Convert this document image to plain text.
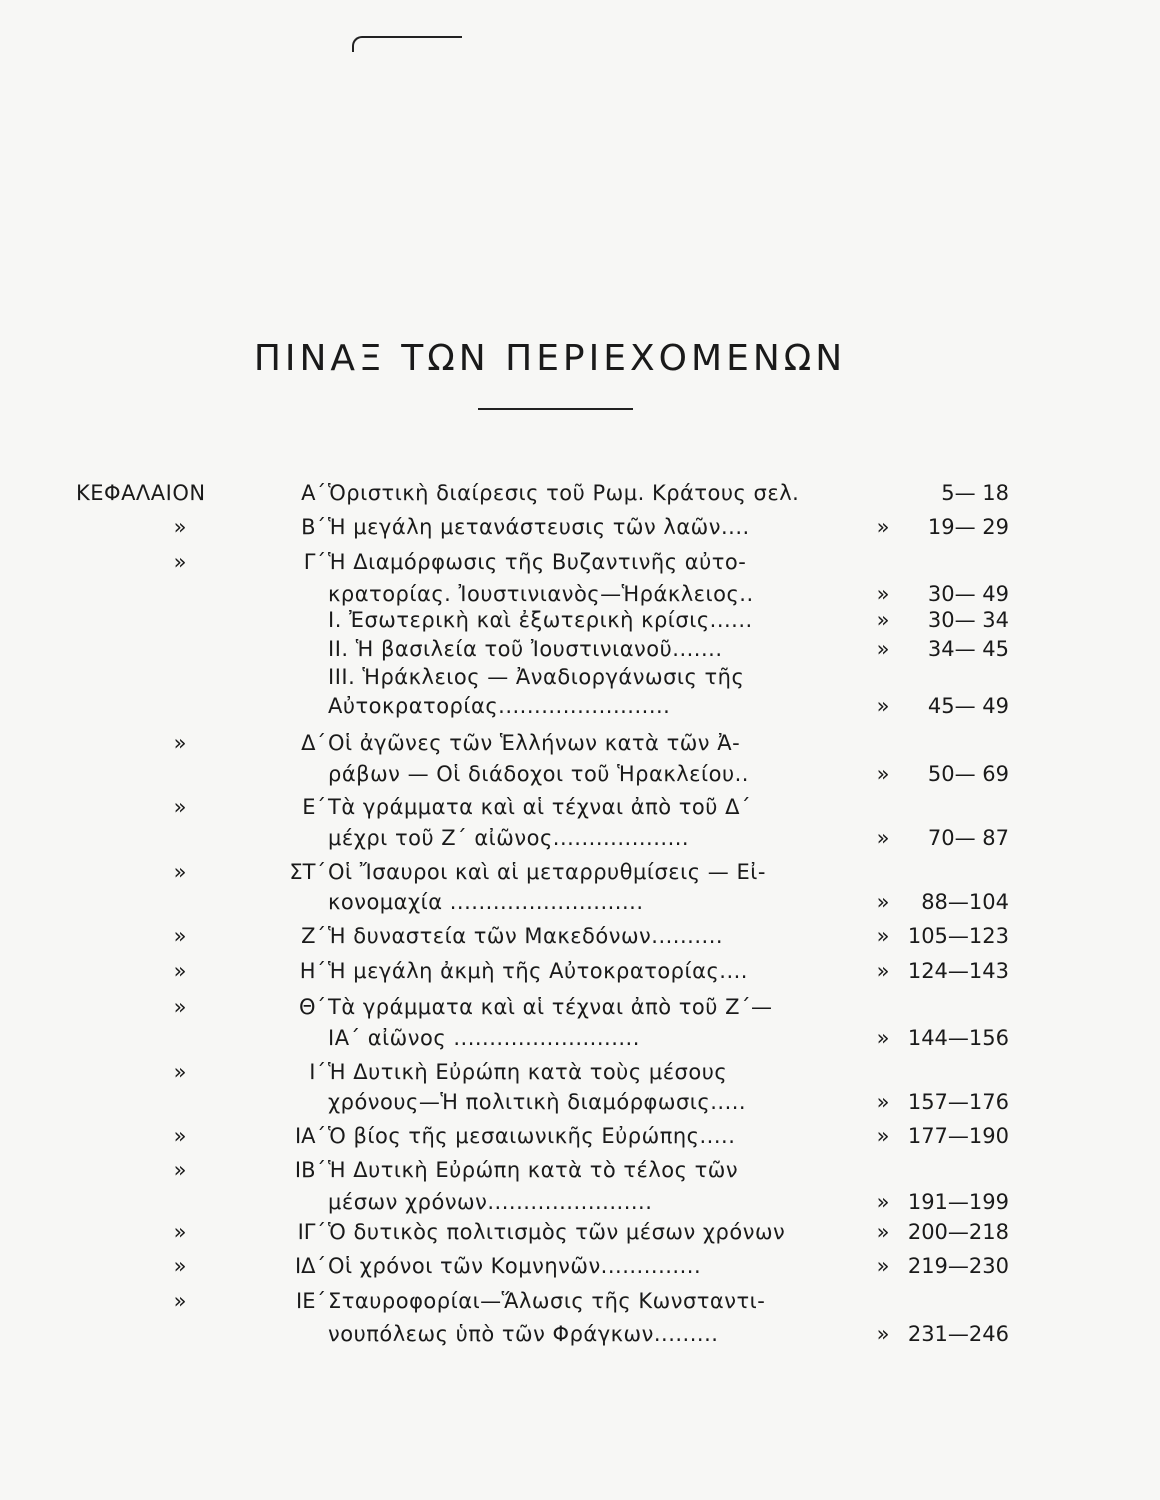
ΠΙΝΑΞ ΤΩΝ ΠΕΡΙΕΧΟΜΕΝΩΝ
ΚΕΦΑΛΑΙΟΝ	Α΄ Ὁριστικὴ διαίρεσις τοῦ Ρωμ. Κράτους σελ.	5— 18
»	Β΄ Ἡ μεγάλη μετανάστευσις τῶν λαῶν....	»	19— 29
»	Γ΄ Ἡ Διαμόρφωσις τῆς Βυζαντινῆς αὐτο-
κρατορίας. Ἰουστινιανὸς—Ἡράκλειος..	»	30— 49
I. Ἐσωτερικὴ καὶ ἐξωτερικὴ κρίσις......	»	30— 34
II. Ἡ βασιλεία τοῦ Ἰουστινιανοῦ.......	»	34— 45
III. Ἡράκλειος — Ἀναδιοργάνωσις τῆς
Αὐτοκρατορίας........................	»	45— 49
»	Δ΄ Οἱ ἀγῶνες τῶν Ἑλλήνων κατὰ τῶν Ἀ-
ράβων — Οἱ διάδοχοι τοῦ Ἡρακλείου..	»	50— 69
»	Ε΄ Τὰ γράμματα καὶ αἱ τέχναι ἀπὸ τοῦ Δ΄
μέχρι τοῦ Ζ΄ αἰῶνος...................	»	70— 87
»	ΣΤ΄ Οἱ Ἴσαυροι καὶ αἱ μεταρρυθμίσεις — Εἰ-
κονομαχία ...........................	»	88—104
»	Ζ΄ Ἡ δυναστεία τῶν Μακεδόνων..........	» 105—123
»	Η΄ Ἡ μεγάλη ἀκμὴ τῆς Αὐτοκρατορίας....	» 124—143
»	Θ΄ Τὰ γράμματα καὶ αἱ τέχναι ἀπὸ τοῦ Ζ΄—
ΙΑ΄ αἰῶνος ..........................	» 144—156
»	Ι΄ Ἡ Δυτικὴ Εὐρώπη κατὰ τοὺς μέσους
χρόνους—Ἡ πολιτικὴ διαμόρφωσις.....	» 157—176
»	ΙΑ΄ Ὁ βίος τῆς μεσαιωνικῆς Εὐρώπης.....	» 177—190
»	ΙΒ΄ Ἡ Δυτικὴ Εὐρώπη κατὰ τὸ τέλος τῶν
μέσων χρόνων.......................	» 191—199
»	ΙΓ΄ Ὁ δυτικὸς πολιτισμὸς τῶν μέσων χρόνων	» 200—218
»	ΙΔ΄ Οἱ χρόνοι τῶν Κομνηνῶν..............	» 219—230
»	ΙΕ΄ Σταυροφορίαι—Ἅλωσις τῆς Κωνσταντι-
νουπόλεως ὑπὸ τῶν Φράγκων.........	» 231—246
